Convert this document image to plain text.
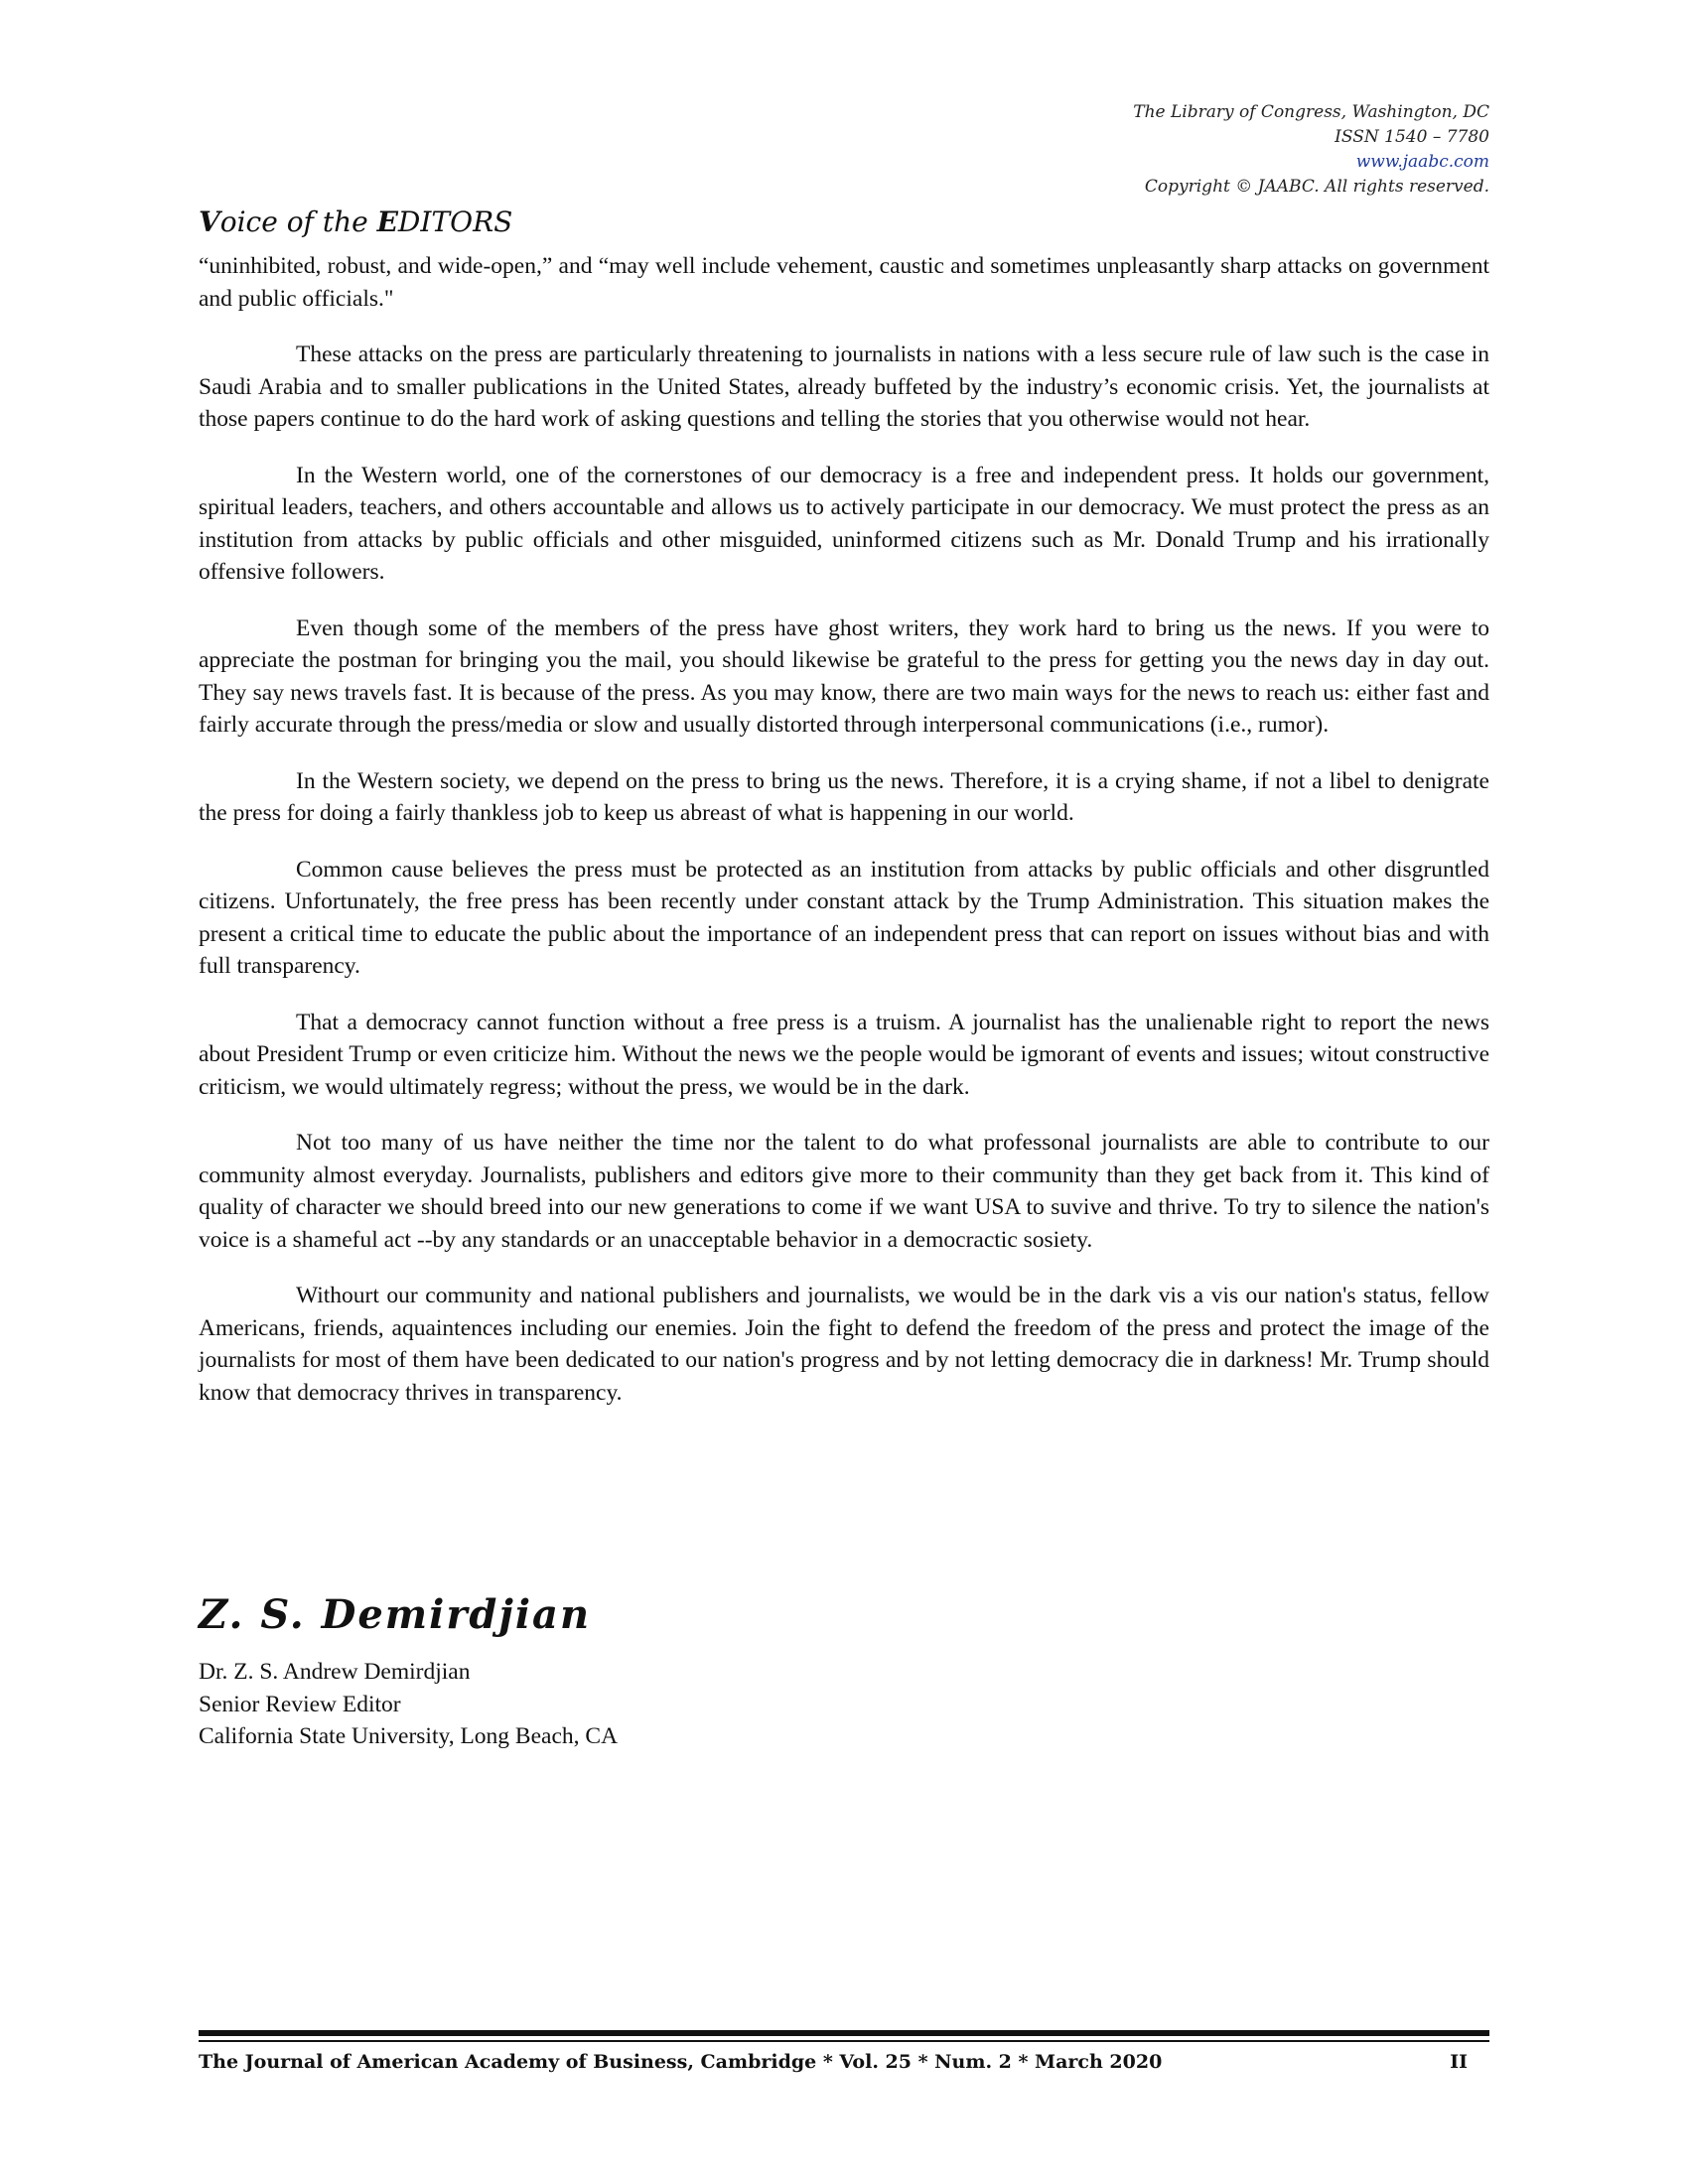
The Library of Congress, Washington, DC
ISSN 1540 – 7780
www.jaabc.com
Copyright © JAABC. All rights reserved.
Voice of the EDITORS

“uninhibited, robust, and wide-open,” and “may well include vehement, caustic and sometimes unpleasantly sharp attacks on government and public officials."

These attacks on the press are particularly threatening to journalists in nations with a less secure rule of law such is the case in Saudi Arabia and to smaller publications in the United States, already buffeted by the industry’s economic crisis. Yet, the journalists at those papers continue to do the hard work of asking questions and telling the stories that you otherwise would not hear.

In the Western world, one of the cornerstones of our democracy is a free and independent press. It holds our government, spiritual leaders, teachers, and others accountable and allows us to actively participate in our democracy. We must protect the press as an institution from attacks by public officials and other misguided, uninformed citizens such as Mr. Donald Trump and his irrationally offensive followers.

Even though some of the members of the press have ghost writers, they work hard to bring us the news. If you were to appreciate the postman for bringing you the mail, you should likewise be grateful to the press for getting you the news day in day out. They say news travels fast. It is because of the press. As you may know, there are two main ways for the news to reach us: either fast and fairly accurate through the press/media or slow and usually distorted through interpersonal communications (i.e., rumor).

In the Western society, we depend on the press to bring us the news. Therefore, it is a crying shame, if not a libel to denigrate the press for doing a fairly thankless job to keep us abreast of what is happening in our world.

Common cause believes the press must be protected as an institution from attacks by public officials and other disgruntled citizens. Unfortunately, the free press has been recently under constant attack by the Trump Administration. This situation makes the present a critical time to educate the public about the importance of an independent press that can report on issues without bias and with full transparency.

That a democracy cannot function without a free press is a truism. A journalist has the unalienable right to report the news about President Trump or even criticize him. Without the news we the people would be igmorant of events and issues; witout constructive criticism, we would ultimately regress; without the press, we would be in the dark.

Not too many of us have neither the time nor the talent to do what professonal journalists are able to contribute to our community almost everyday. Journalists, publishers and editors give more to their community than they get back from it. This kind of quality of character we should breed into our new generations to come if we want USA to suvive and thrive. To try to silence the nation's voice is a shameful act --by any standards or an unacceptable behavior in a democractic sosiety.

Withourt our community and national publishers and journalists, we would be in the dark vis a vis our nation's status, fellow Americans, friends, aquaintences including our enemies. Join the fight to defend the freedom of the press and protect the image of the journalists for most of them have been dedicated to our nation's progress and by not letting democracy die in darkness! Mr. Trump should know that democracy thrives in transparency.

Z. S. Demirdjian
Dr. Z. S. Andrew Demirdjian
Senior Review Editor
California State University, Long Beach, CA
The Journal of American Academy of Business, Cambridge * Vol. 25 * Num. 2 * March 2020	II
